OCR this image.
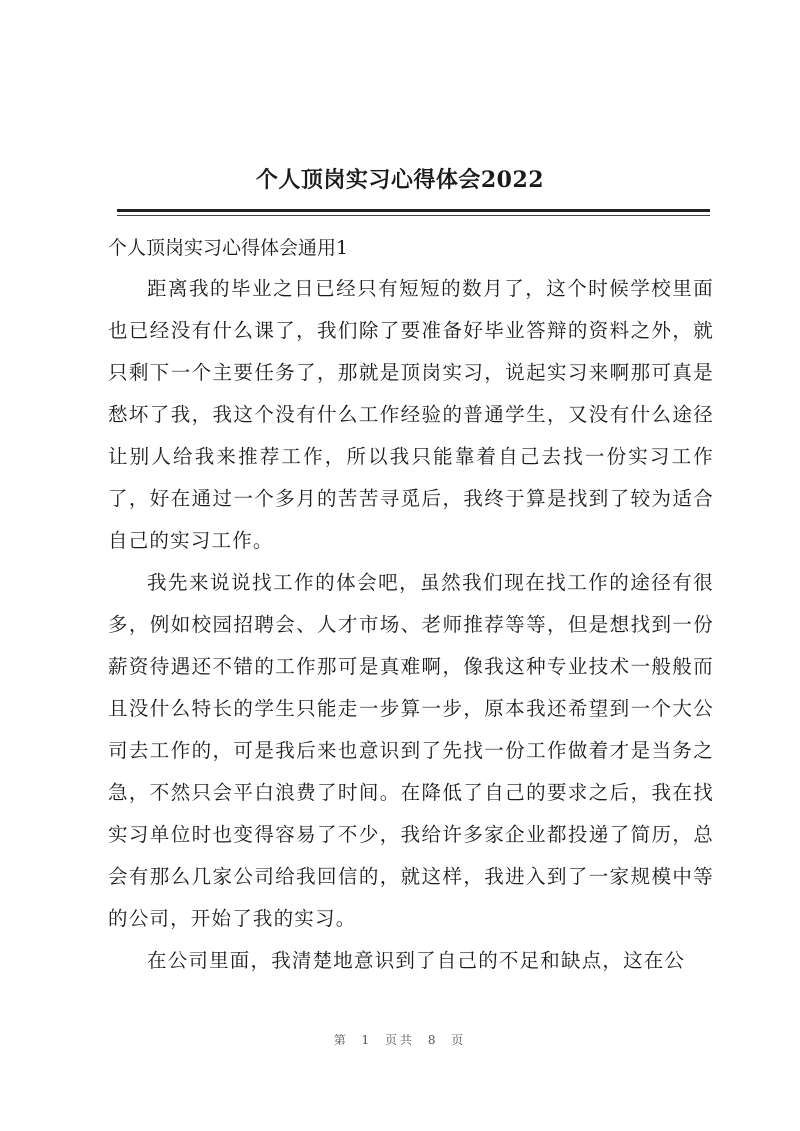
个人顶岗实习心得体会2022

个人顶岗实习心得体会通用1

距离我的毕业之日已经只有短短的数月了，这个时候学校里面也已经没有什么课了，我们除了要准备好毕业答辩的资料之外，就只剩下一个主要任务了，那就是顶岗实习，说起实习来啊那可真是愁坏了我，我这个没有什么工作经验的普通学生，又没有什么途径让别人给我来推荐工作，所以我只能靠着自己去找一份实习工作了，好在通过一个多月的苦苦寻觅后，我终于算是找到了较为适合自己的实习工作。

我先来说说找工作的体会吧，虽然我们现在找工作的途径有很多，例如校园招聘会、人才市场、老师推荐等等，但是想找到一份薪资待遇还不错的工作那可是真难啊，像我这种专业技术一般般而且没什么特长的学生只能走一步算一步，原本我还希望到一个大公司去工作的，可是我后来也意识到了先找一份工作做着才是当务之急，不然只会平白浪费了时间。在降低了自己的要求之后，我在找实习单位时也变得容易了不少，我给许多家企业都投递了简历，总会有那么几家公司给我回信的，就这样，我进入到了一家规模中等的公司，开始了我的实习。

在公司里面，我清楚地意识到了自己的不足和缺点，这在公

第 1 页共 8 页
